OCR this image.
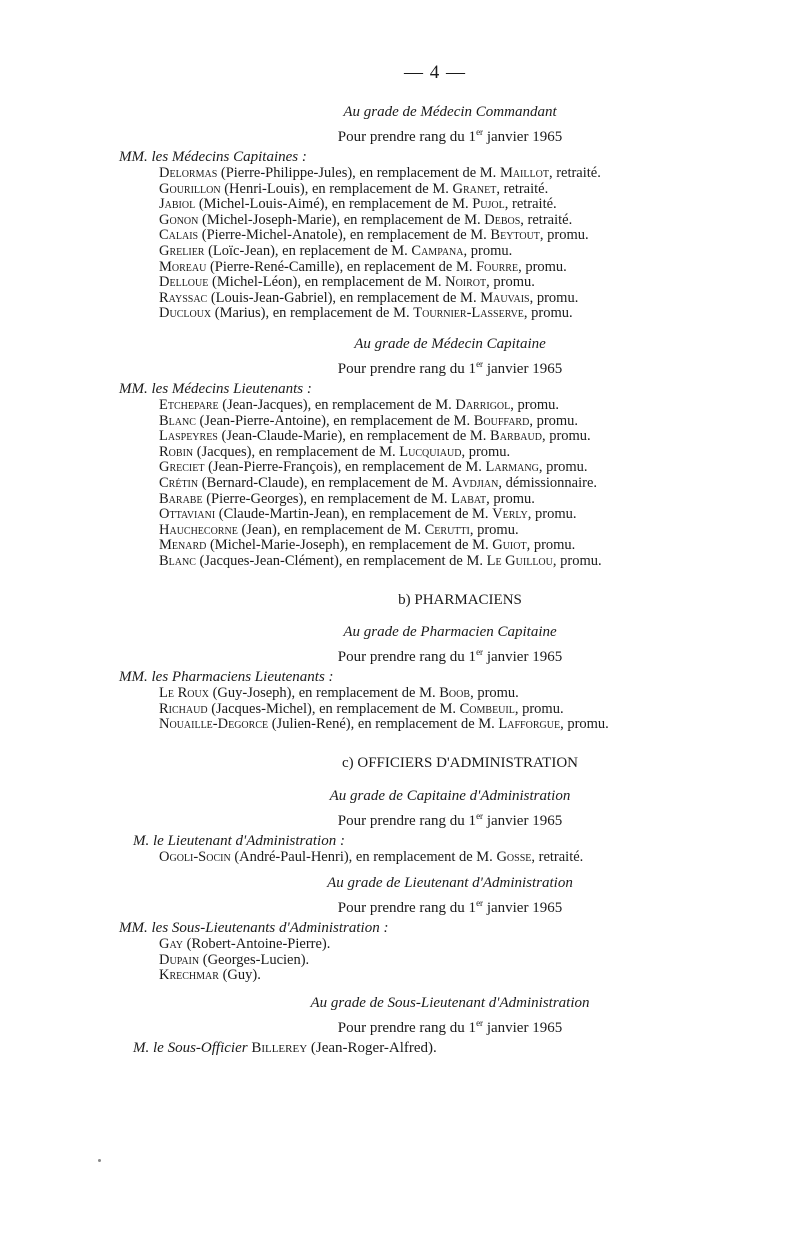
— 4 —
Au grade de Médecin Commandant
Pour prendre rang du 1er janvier 1965
MM. les Médecins Capitaines :
Delormas (Pierre-Philippe-Jules), en remplacement de M. Maillot, retraité.
Gourillon (Henri-Louis), en remplacement de M. Granet, retraité.
Jabiol (Michel-Louis-Aimé), en remplacement de M. Pujol, retraité.
Gonon (Michel-Joseph-Marie), en remplacement de M. Debos, retraité.
Calais (Pierre-Michel-Anatole), en remplacement de M. Beytout, promu.
Grelier (Loïc-Jean), en replacement de M. Campana, promu.
Moreau (Pierre-René-Camille), en replacement de M. Fourre, promu.
Delloue (Michel-Léon), en remplacement de M. Noirot, promu.
Rayssac (Louis-Jean-Gabriel), en remplacement de M. Mauvais, promu.
Ducloux (Marius), en remplacement de M. Tournier-Lasserve, promu.
Au grade de Médecin Capitaine
Pour prendre rang du 1er janvier 1965
MM. les Médecins Lieutenants :
Etchepare (Jean-Jacques), en remplacement de M. Darrigol, promu.
Blanc (Jean-Pierre-Antoine), en remplacement de M. Bouffard, promu.
Laspeyres (Jean-Claude-Marie), en remplacement de M. Barbaud, promu.
Robin (Jacques), en remplacement de M. Lucquiaud, promu.
Greciet (Jean-Pierre-François), en remplacement de M. Larmang, promu.
Crétin (Bernard-Claude), en remplacement de M. Avdjian, démissionnaire.
Barabe (Pierre-Georges), en remplacement de M. Labat, promu.
Ottaviani (Claude-Martin-Jean), en remplacement de M. Verly, promu.
Hauchecorne (Jean), en remplacement de M. Cerutti, promu.
Menard (Michel-Marie-Joseph), en remplacement de M. Guiot, promu.
Blanc (Jacques-Jean-Clément), en remplacement de M. Le Guillou, promu.
b) PHARMACIENS
Au grade de Pharmacien Capitaine
Pour prendre rang du 1er janvier 1965
MM. les Pharmaciens Lieutenants :
Le Roux (Guy-Joseph), en remplacement de M. Boob, promu.
Richaud (Jacques-Michel), en remplacement de M. Combeuil, promu.
Nouaille-Degorce (Julien-René), en remplacement de M. Lafforgue, promu.
c) OFFICIERS D'ADMINISTRATION
Au grade de Capitaine d'Administration
Pour prendre rang du 1er janvier 1965
M. le Lieutenant d'Administration :
Ogoli-Socin (André-Paul-Henri), en remplacement de M. Gosse, retraité.
Au grade de Lieutenant d'Administration
Pour prendre rang du 1er janvier 1965
MM. les Sous-Lieutenants d'Administration :
Gay (Robert-Antoine-Pierre).
Dupain (Georges-Lucien).
Krechmar (Guy).
Au grade de Sous-Lieutenant d'Administration
Pour prendre rang du 1er janvier 1965
M. le Sous-Officier Billerey (Jean-Roger-Alfred).
